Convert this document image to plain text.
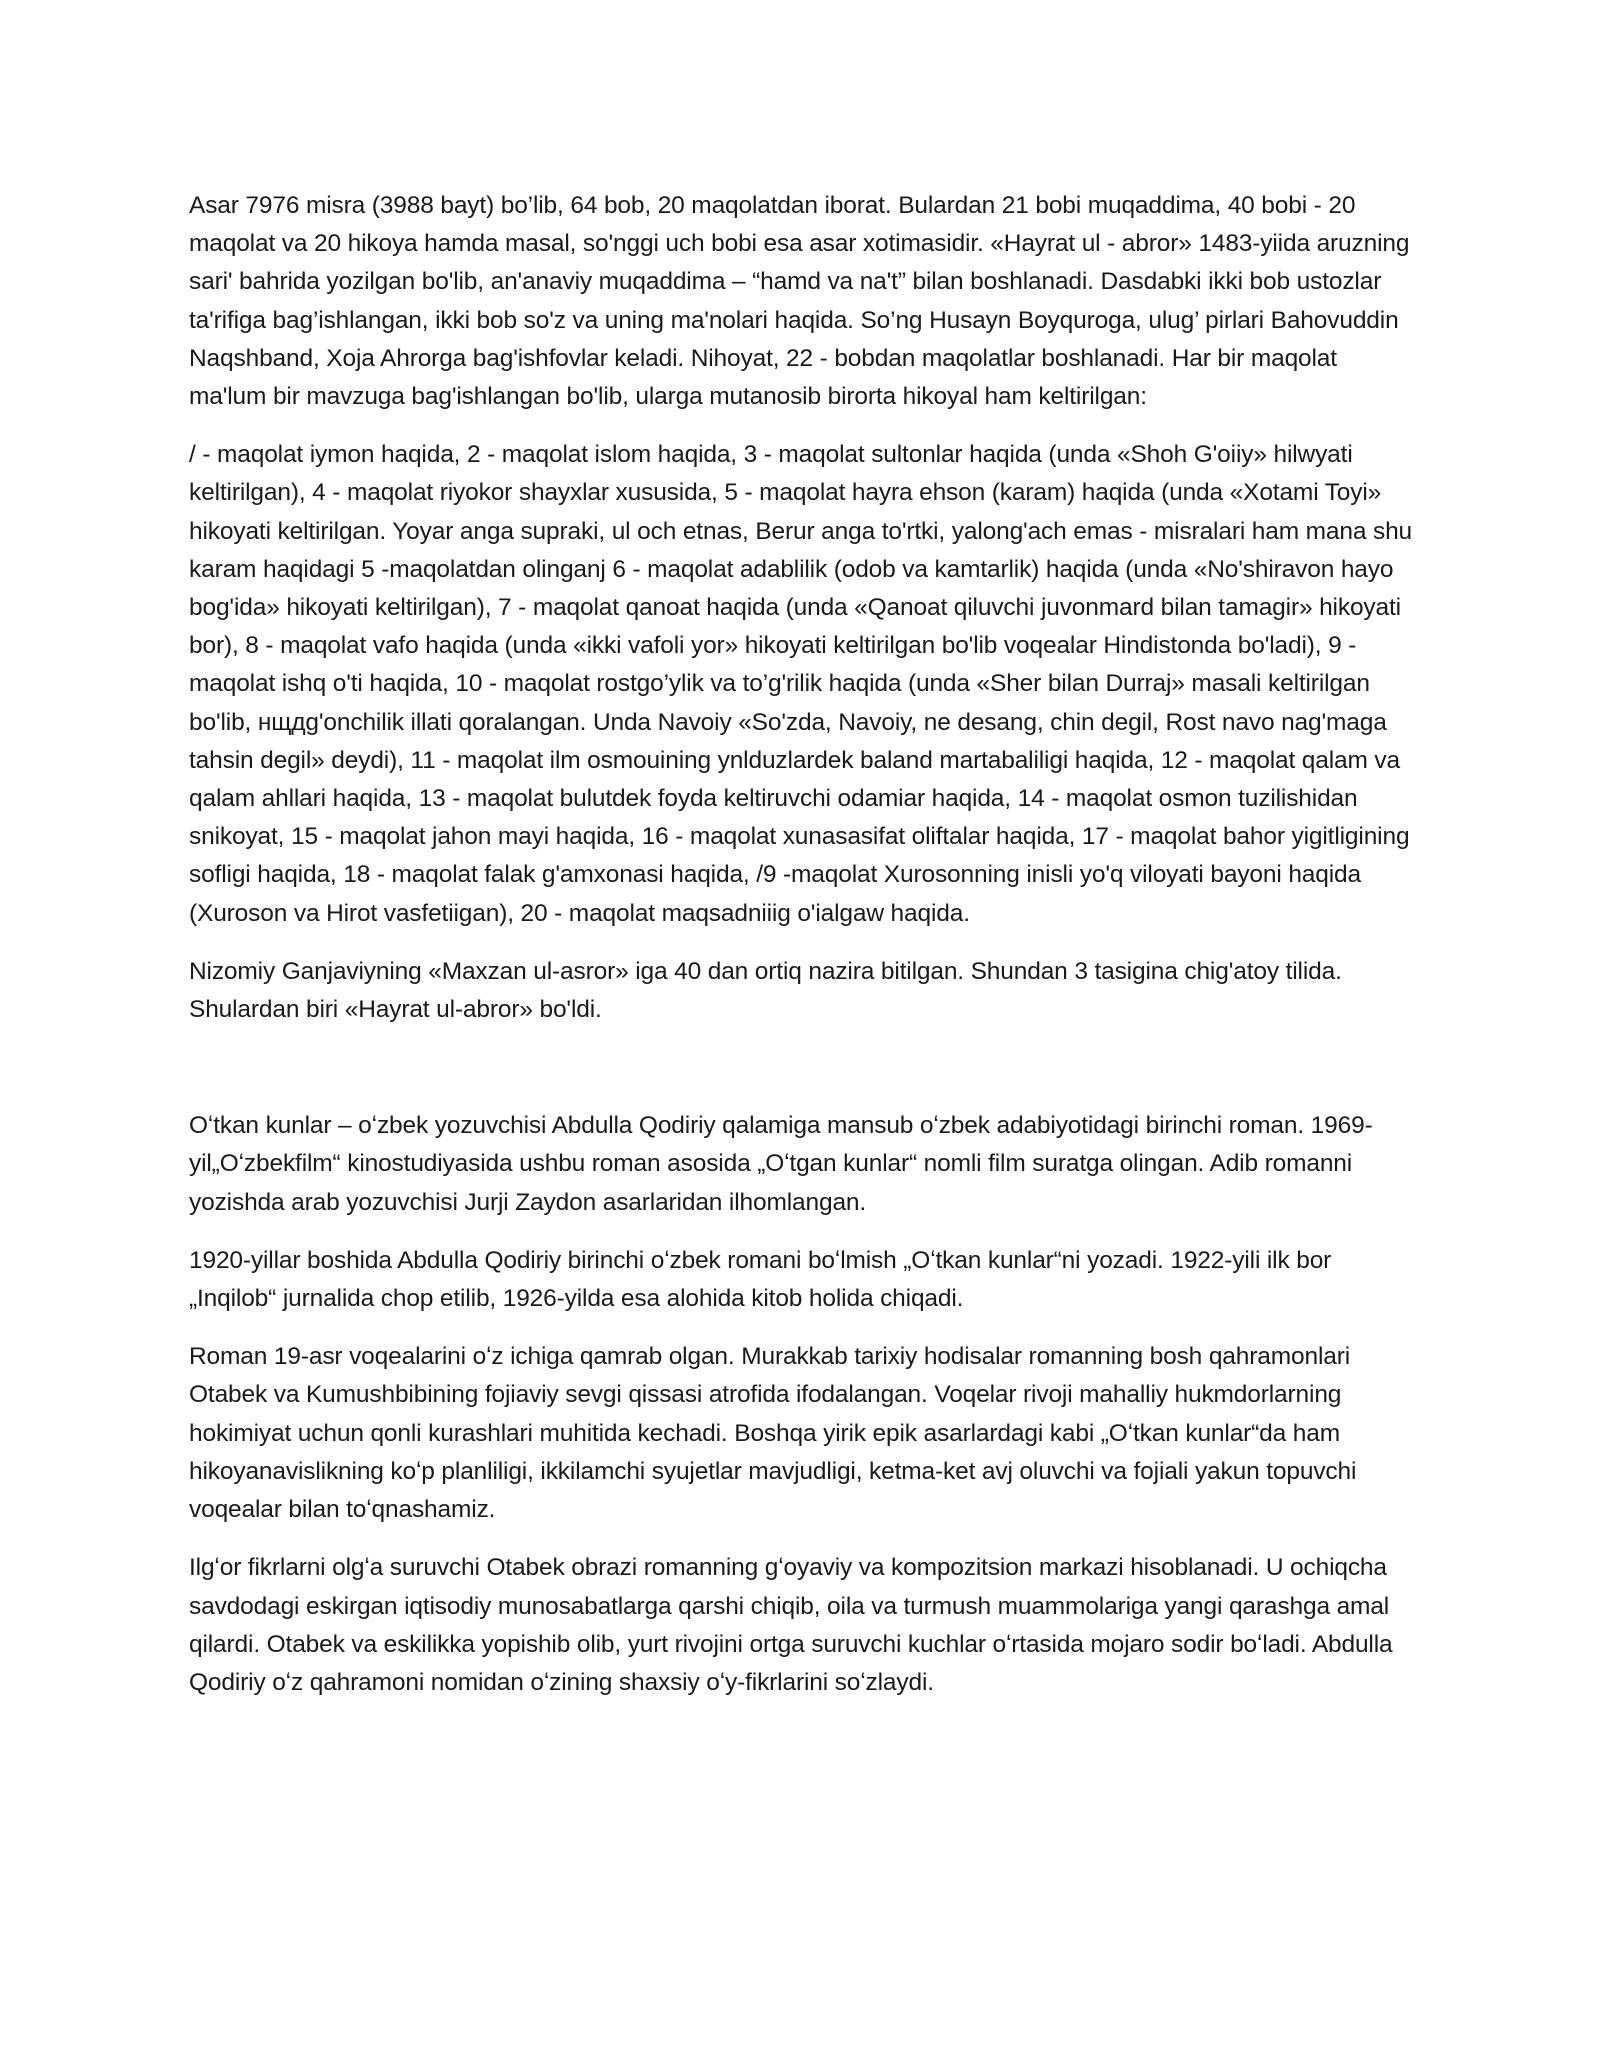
Asar 7976 misra (3988 bayt) bo’lib, 64 bob, 20 maqolatdan iborat. Bulardan 21 bobi muqaddima, 40 bobi - 20 maqolat va 20 hikoya hamda masal, so'nggi uch bobi esa asar xotimasidir. «Hayrat ul - abror» 1483-yiida aruzning sari' bahrida yozilgan bo'lib, an'anaviy muqaddima – “hamd va na't” bilan boshlanadi. Dasdabki ikki bob ustozlar ta'rifiga bag’ishlangan, ikki bob so'z va uning ma'nolari haqida. So’ng Husayn Boyquroga, ulug’ pirlari Bahovuddin Naqshband, Xoja Ahrorga bag'ishfovlar keladi. Nihoyat, 22 - bobdan maqolatlar boshlanadi. Har bir maqolat ma'lum bir mavzuga bag'ishlangan bo'lib, ularga mutanosib birorta hikoyal ham keltirilgan:

/ - maqolat iymon haqida, 2 - maqolat islom haqida, 3 - maqolat sultonlar haqida (unda «Shoh G'oiiy» hilwyati keltirilgan), 4 - maqolat riyokor shayxlar xususida, 5 - maqolat hayra ehson (karam) haqida (unda «Xotami Toyi» hikoyati keltirilgan. Yoyar anga supraki, ul och etnas, Berur anga to'rtki, yalong'ach emas - misralari ham mana shu karam haqidagi 5 -maqolatdan olinganj 6 - maqolat adablilik (odob va kamtarlik) haqida (unda «No'shiravon hayo bog'ida» hikoyati keltirilgan), 7 - maqolat qanoat haqida (unda «Qanoat qiluvchi juvonmard bilan tamagir» hikoyati bor), 8 - maqolat vafo haqida (unda «ikki vafoli yor» hikoyati keltirilgan bo'lib voqealar Hindistonda bo'ladi), 9 - maqolat ishq o'ti haqida, 10 - maqolat rostgo’ylik va to’g'rilik haqida (unda «Sher bilan Durraj» masali keltirilgan bo'lib, нщдg'onchilik illati qoralangan. Unda Navoiy «So'zda, Navoiy, ne desang, chin degil, Rost navo nag'maga tahsin degil» deydi), 11 - maqolat ilm osmouining ynlduzlardek baland martabaliligi haqida, 12 - maqolat qalam va qalam ahllari haqida, 13 - maqolat bulutdek foyda keltiruvchi odamiar haqida, 14 - maqolat osmon tuzilishidan snikoyat, 15 - maqolat jahon mayi haqida, 16 - maqolat xunasasifat oliftalar haqida, 17 - maqolat bahor yigitligining sofligi haqida, 18 - maqolat falak g'amxonasi haqida, /9 -maqolat Xurosonning inisli yo'q viloyati bayoni haqida (Xuroson va Hirot vasfetiigan), 20 - maqolat maqsadniiig o'ialgaw haqida.

Nizomiy Ganjaviyning «Maxzan ul-asror» iga 40 dan ortiq nazira bitilgan. Shundan 3 tasigina chig'atoy tilida. Shulardan biri «Hayrat ul-abror» bo'ldi.

Oʻtkan kunlar – oʻzbek yozuvchisi Abdulla Qodiriy qalamiga mansub oʻzbek adabiyotidagi birinchi roman. 1969-yil„Oʻzbekfilm“ kinostudiyasida ushbu roman asosida „Oʻtgan kunlar“ nomli film suratga olingan. Adib romanni yozishda arab yozuvchisi Jurji Zaydon asarlaridan ilhomlangan.

1920-yillar boshida Abdulla Qodiriy birinchi oʻzbek romani boʻlmish „Oʻtkan kunlar“ni yozadi. 1922-yili ilk bor „Inqilob“ jurnalida chop etilib, 1926-yilda esa alohida kitob holida chiqadi.

Roman 19-asr voqealarini oʻz ichiga qamrab olgan. Murakkab tarixiy hodisalar romanning bosh qahramonlari Otabek va Kumushbibining fojiaviy sevgi qissasi atrofida ifodalangan. Voqelar rivoji mahalliy hukmdorlarning hokimiyat uchun qonli kurashlari muhitida kechadi. Boshqa yirik epik asarlardagi kabi „Oʻtkan kunlar“da ham hikoyanavislikning koʻp planliligi, ikkilamchi syujetlar mavjudligi, ketma-ket avj oluvchi va fojiali yakun topuvchi voqealar bilan toʻqnashamiz.

Ilgʻor fikrlarni olgʻa suruvchi Otabek obrazi romanning gʻoyaviy va kompozitsion markazi hisoblanadi. U ochiqcha savdodagi eskirgan iqtisodiy munosabatlarga qarshi chiqib, oila va turmush muammolariga yangi qarashga amal qilardi. Otabek va eskilikka yopishib olib, yurt rivojini ortga suruvchi kuchlar oʻrtasida mojaro sodir boʻladi. Abdulla Qodiriy oʻz qahramoni nomidan oʻzining shaxsiy oʻy-fikrlarini soʻzlaydi.
